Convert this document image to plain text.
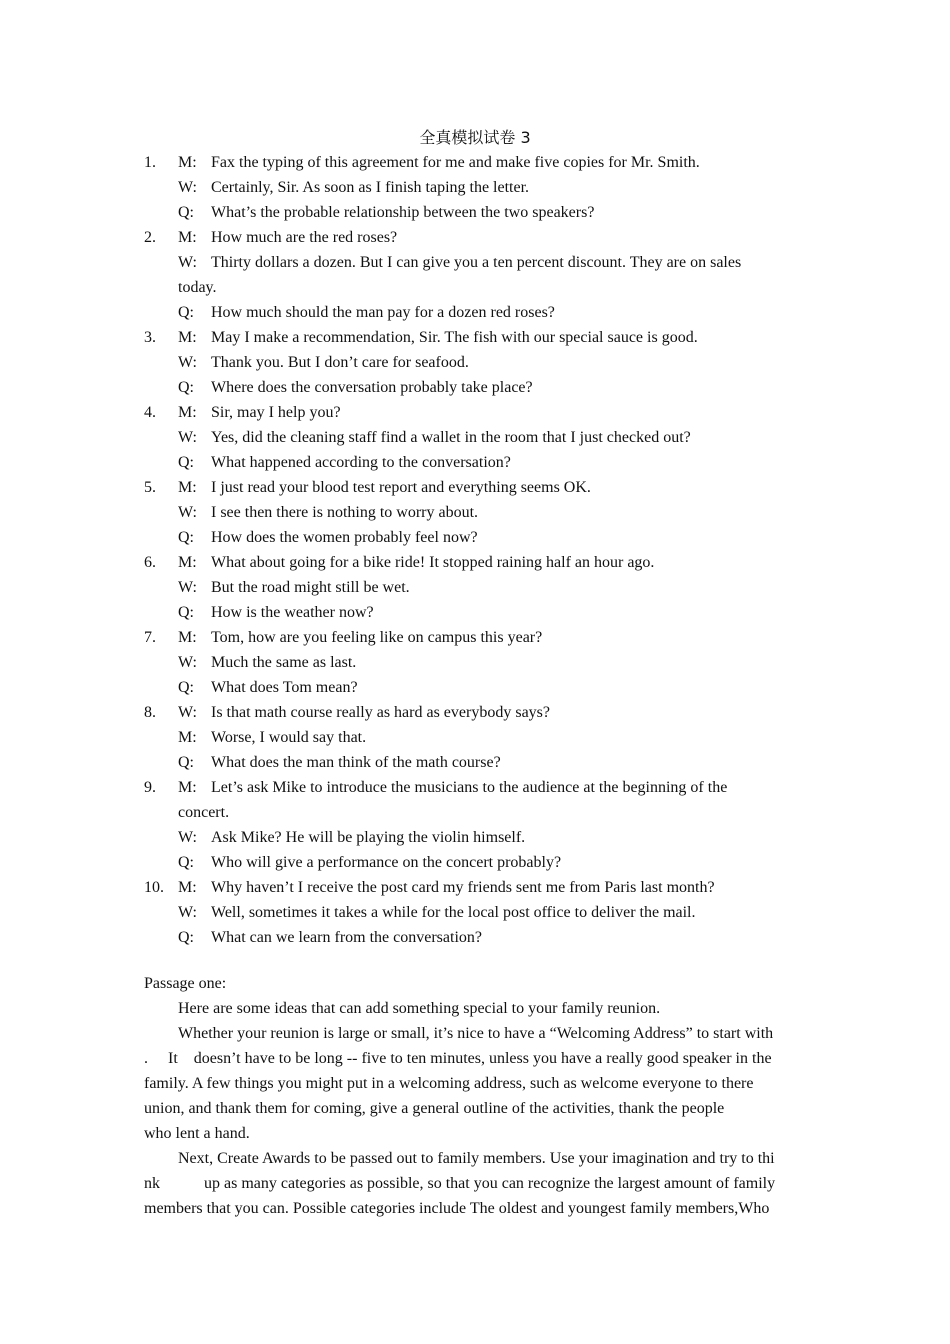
全真模拟试卷 3
1. M: Fax the typing of this agreement for me and make five copies for Mr. Smith.
W: Certainly, Sir. As soon as I finish taping the letter.
Q: What’s the probable relationship between the two speakers?
2. M: How much are the red roses?
W: Thirty dollars a dozen. But I can give you a ten percent discount. They are on sales
today.
Q: How much should the man pay for a dozen red roses?
3. M: May I make a recommendation, Sir. The fish with our special sauce is good.
W: Thank you. But I don’t care for seafood.
Q: Where does the conversation probably take place?
4. M: Sir, may I help you?
W: Yes, did the cleaning staff find a wallet in the room that I just checked out?
Q: What happened according to the conversation?
5. M: I just read your blood test report and everything seems OK.
W: I see then there is nothing to worry about.
Q: How does the women probably feel now?
6. M: What about going for a bike ride! It stopped raining half an hour ago.
W: But the road might still be wet.
Q: How is the weather now?
7. M: Tom, how are you feeling like on campus this year?
W: Much the same as last.
Q: What does Tom mean?
8. W: Is that math course really as hard as everybody says?
M: Worse, I would say that.
Q: What does the man think of the math course?
9. M: Let’s ask Mike to introduce the musicians to the audience at the beginning of the
concert.
W: Ask Mike? He will be playing the violin himself.
Q: Who will give a performance on the concert probably?
10. M: Why haven’t I receive the post card my friends sent me from Paris last month?
W: Well, sometimes it takes a while for the local post office to deliver the mail.
Q: What can we learn from the conversation?
Passage one:
Here are some ideas that can add something special to your family reunion.
Whether your reunion is large or small, it’s nice to have a “Welcoming Address” to start with
.     It    doesn’t have to be long -- five to ten minutes, unless you have a really good speaker in the
family. A few things you might put in a welcoming address, such as welcome everyone to there
union, and thank them for coming, give a general outline of the activities, thank the people
who lent a hand.
Next, Create Awards to be passed out to family members. Use your imagination and try to thi
nk           up as many categories as possible, so that you can recognize the largest amount of family
members that you can. Possible categories include The oldest and youngest family members,Who
